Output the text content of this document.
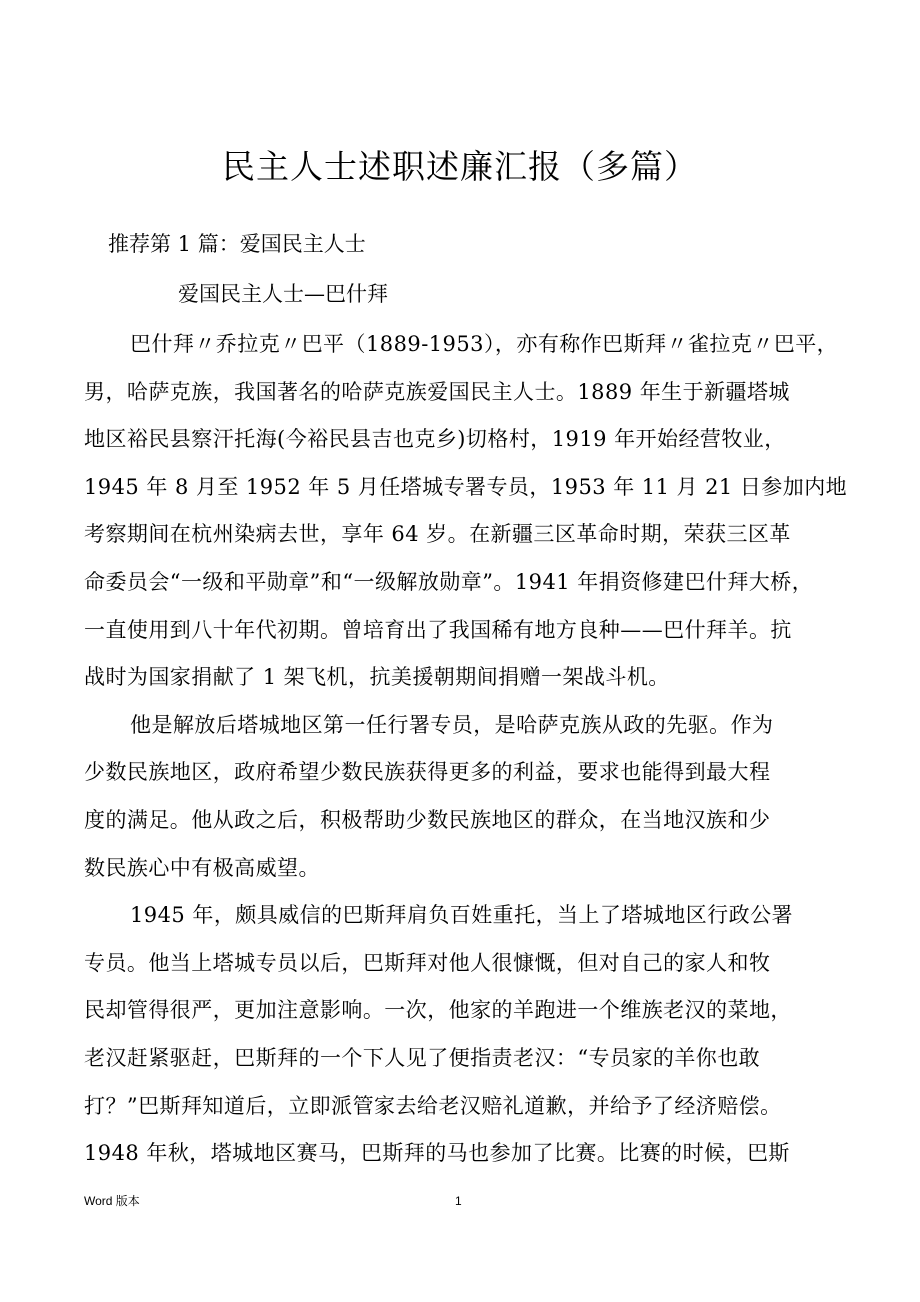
民主人士述职述廉汇报（多篇）
推荐第 1 篇：爱国民主人士
爱国民主人士—巴什拜
巴什拜〃乔拉克〃巴平（1889-1953），亦有称作巴斯拜〃雀拉克〃巴平，
男，哈萨克族，我国著名的哈萨克族爱国民主人士。1889 年生于新疆塔城
地区裕民县察汗托海(今裕民县吉也克乡)切格村，1919 年开始经营牧业，
1945 年 8 月至 1952 年 5 月任塔城专署专员，1953 年 11 月 21 日参加内地
考察期间在杭州染病去世，享年 64 岁。在新疆三区革命时期，荣获三区革
命委员会“一级和平勋章”和“一级解放勋章”。1941 年捐资修建巴什拜大桥，
一直使用到八十年代初期。曾培育出了我国稀有地方良种——巴什拜羊。抗
战时为国家捐献了 1 架飞机，抗美援朝期间捐赠一架战斗机。
他是解放后塔城地区第一任行署专员，是哈萨克族从政的先驱。作为
少数民族地区，政府希望少数民族获得更多的利益，要求也能得到最大程
度的满足。他从政之后，积极帮助少数民族地区的群众，在当地汉族和少
数民族心中有极高威望。
1945 年，颇具威信的巴斯拜肩负百姓重托，当上了塔城地区行政公署
专员。他当上塔城专员以后，巴斯拜对他人很慷慨，但对自己的家人和牧
民却管得很严，更加注意影响。一次，他家的羊跑进一个维族老汉的菜地，
老汉赶紧驱赶，巴斯拜的一个下人见了便指责老汉：“专员家的羊你也敢
打？”巴斯拜知道后，立即派管家去给老汉赔礼道歉，并给予了经济赔偿。
1948 年秋，塔城地区赛马，巴斯拜的马也参加了比赛。比赛的时候，巴斯
Word 版本	1
